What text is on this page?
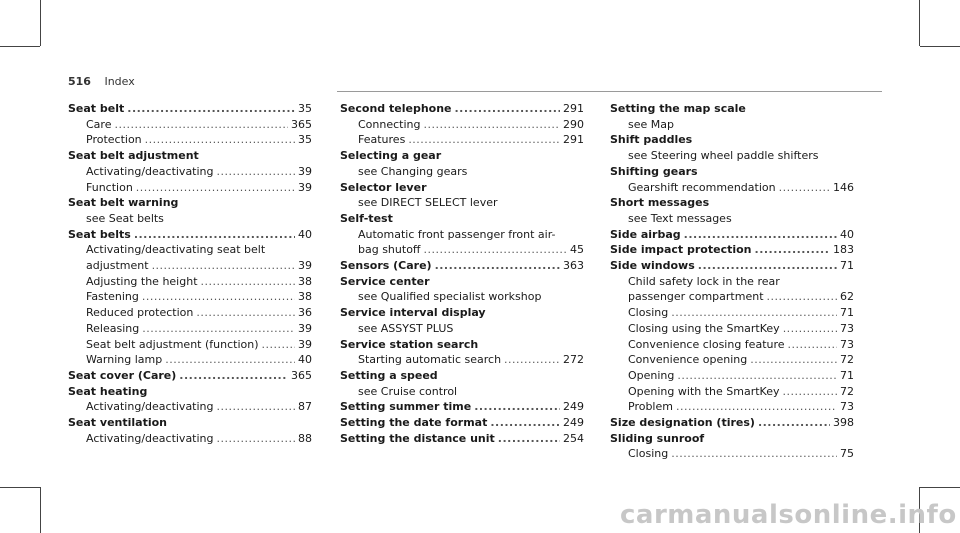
516 Index
Seat belt .....	35
Care .....	365
Protection .....	35
Seat belt adjustment
Activating/deactivating .....	39
Function .....	39
Seat belt warning
see Seat belts
Seat belts .....	40
Activating/deactivating seat belt
adjustment .....	39
Adjusting the height .....	38
Fastening .....	38
Reduced protection .....	36
Releasing .....	39
Seat belt adjustment (function) .....	39
Warning lamp .....	40
Seat cover (Care) .....	365
Seat heating
Activating/deactivating .....	87
Seat ventilation
Activating/deactivating .....	88
Second telephone .....	291
Connecting .....	290
Features .....	291
Selecting a gear
see Changing gears
Selector lever
see DIRECT SELECT lever
Self-test
Automatic front passenger front air-
bag shutoff .....	45
Sensors (Care) .....	363
Service center
see Qualified specialist workshop
Service interval display
see ASSYST PLUS
Service station search
Starting automatic search .....	272
Setting a speed
see Cruise control
Setting summer time .....	249
Setting the date format .....	249
Setting the distance unit .....	254
Setting the map scale
see Map
Shift paddles
see Steering wheel paddle shifters
Shifting gears
Gearshift recommendation .....	146
Short messages
see Text messages
Side airbag .....	40
Side impact protection .....	183
Side windows .....	71
Child safety lock in the rear
passenger compartment .....	62
Closing .....	71
Closing using the SmartKey .....	73
Convenience closing feature .....	73
Convenience opening .....	72
Opening .....	71
Opening with the SmartKey .....	72
Problem .....	73
Size designation (tires) .....	398
Sliding sunroof
Closing .....	75
carmanualsonline.info
